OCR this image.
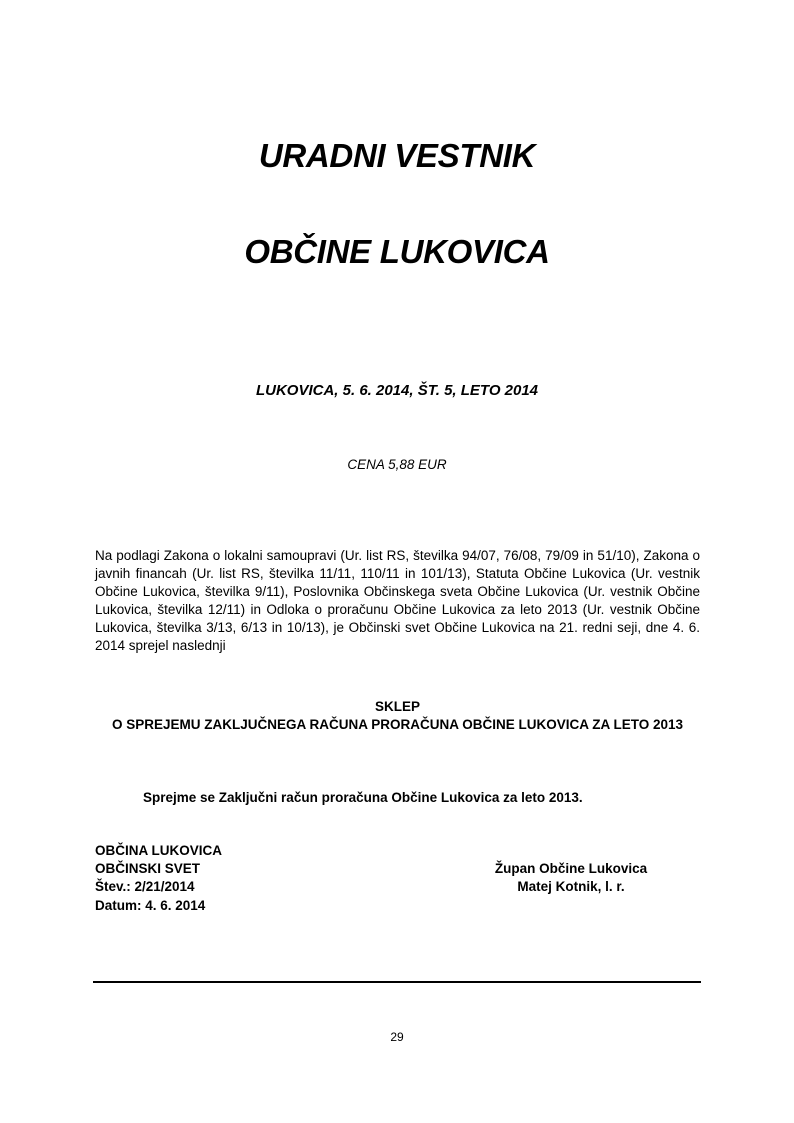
URADNI VESTNIK
OBČINE LUKOVICA
LUKOVICA, 5. 6. 2014, ŠT. 5, LETO 2014
CENA 5,88 EUR
Na podlagi Zakona o lokalni samoupravi (Ur. list RS, številka 94/07, 76/08, 79/09 in 51/10), Zakona o javnih financah (Ur. list RS, številka 11/11, 110/11 in 101/13), Statuta Občine Lukovica (Ur. vestnik Občine Lukovica, številka 9/11), Poslovnika Občinskega sveta Občine Lukovica (Ur. vestnik Občine Lukovica, številka 12/11) in Odloka o proračunu Občine Lukovica za leto 2013 (Ur. vestnik Občine Lukovica, številka 3/13, 6/13 in 10/13), je Občinski svet Občine Lukovica na 21. redni seji, dne 4. 6. 2014 sprejel naslednji
SKLEP
O SPREJEMU ZAKLJUČNEGA RAČUNA PRORAČUNA OBČINE LUKOVICA ZA LETO 2013
Sprejme se Zaključni račun proračuna Občine Lukovica za leto 2013.
OBČINA LUKOVICA
OBČINSKI SVET
Štev.: 2/21/2014
Datum: 4. 6. 2014
Župan Občine Lukovica
Matej Kotnik, l. r.
29
